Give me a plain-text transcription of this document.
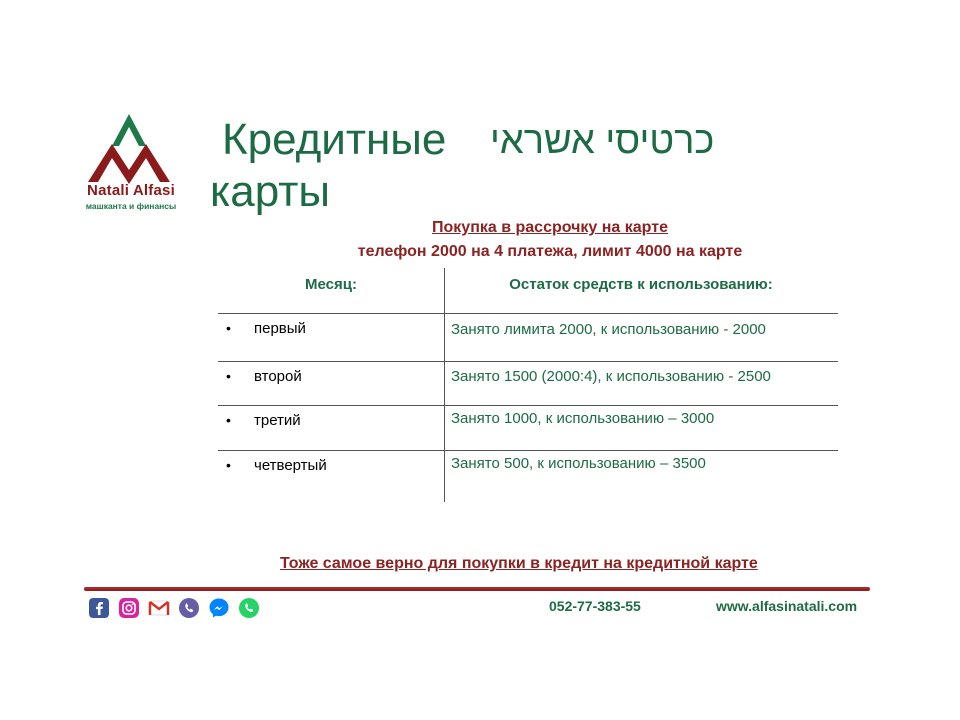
Natali Alfasi
машканта и финансы
Кредитные
карты
כרטיסי אשראי
Покупка в рассрочку на карте
телефон 2000 на 4 платежа, лимит 4000 на карте
Месяц:	Остаток средств к использованию:
• первый	Занято лимита 2000, к использованию - 2000
• второй	Занято 1500 (2000:4), к использованию - 2500
• третий	Занято 1000, к использованию – 3000
• четвертый	Занято 500, к использованию – 3500
Тоже самое верно для покупки в кредит на кредитной карте
052-77-383-55	www.alfasinatali.com
